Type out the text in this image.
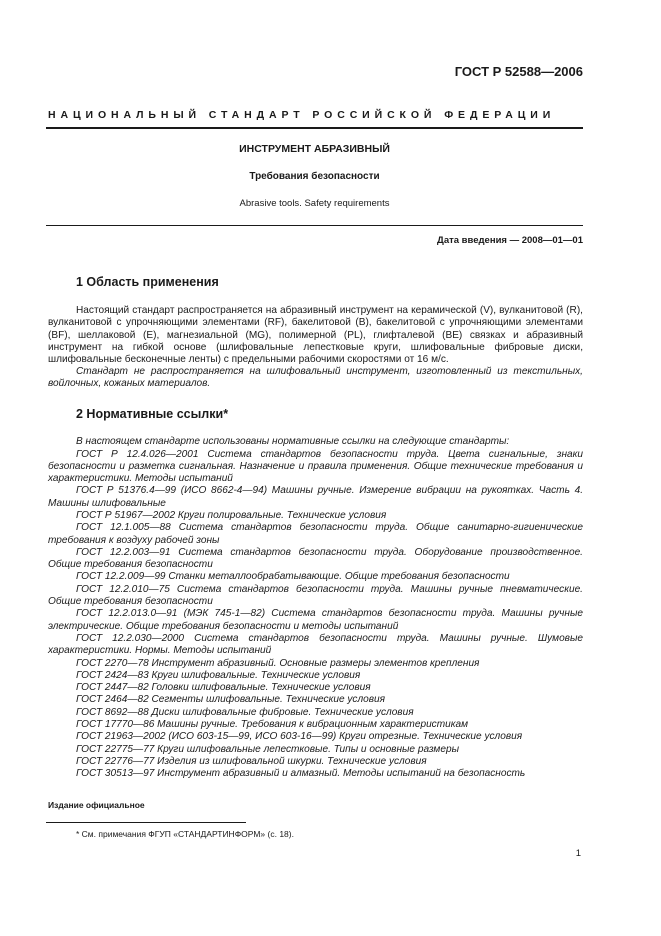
ГОСТ Р 52588—2006
НАЦИОНАЛЬНЫЙ СТАНДАРТ РОССИЙСКОЙ ФЕДЕРАЦИИ
ИНСТРУМЕНТ АБРАЗИВНЫЙ
Требования безопасности
Abrasive tools. Safety requirements
Дата введения — 2008—01—01
1 Область применения

Настоящий стандарт распространяется на абразивный инструмент на керамической (V), вулканитовой (R), вулканитовой с упрочняющими элементами (RF), бакелитовой (B), бакелитовой с упрочняющими элементами (BF), шеллаковой (E), магнезиальной (MG), полимерной (PL), глифталевой (BE) связках и абразивный инструмент на гибкой основе (шлифовальные лепестковые круги, шлифовальные фибровые диски, шлифовальные бесконечные ленты) с предельными рабочими скоростями от 16 м/с.

Стандарт не распространяется на шлифовальный инструмент, изготовленный из текстильных, войлочных, кожаных материалов.

2 Нормативные ссылки*

В настоящем стандарте использованы нормативные ссылки на следующие стандарты:

ГОСТ Р 12.4.026—2001 Система стандартов безопасности труда. Цвета сигнальные, знаки безопасности и разметка сигнальная. Назначение и правила применения. Общие технические требования и характеристики. Методы испытаний

ГОСТ Р 51376.4—99 (ИСО 8662-4—94) Машины ручные. Измерение вибрации на рукоятках. Часть 4. Машины шлифовальные

ГОСТ Р 51967—2002 Круги полировальные. Технические условия

ГОСТ 12.1.005—88 Система стандартов безопасности труда. Общие санитарно-гигиенические требования к воздуху рабочей зоны

ГОСТ 12.2.003—91 Система стандартов безопасности труда. Оборудование производственное. Общие требования безопасности

ГОСТ 12.2.009—99 Станки металлообрабатывающие. Общие требования безопасности

ГОСТ 12.2.010—75 Система стандартов безопасности труда. Машины ручные пневматические. Общие требования безопасности

ГОСТ 12.2.013.0—91 (МЭК 745-1—82) Система стандартов безопасности труда. Машины ручные электрические. Общие требования безопасности и методы испытаний

ГОСТ 12.2.030—2000 Система стандартов безопасности труда. Машины ручные. Шумовые характеристики. Нормы. Методы испытаний

ГОСТ 2270—78 Инструмент абразивный. Основные размеры элементов крепления

ГОСТ 2424—83 Круги шлифовальные. Технические условия

ГОСТ 2447—82 Головки шлифовальные. Технические условия

ГОСТ 2464—82 Сегменты шлифовальные. Технические условия

ГОСТ 8692—88 Диски шлифовальные фибровые. Технические условия

ГОСТ 17770—86 Машины ручные. Требования к вибрационным характеристикам

ГОСТ 21963—2002 (ИСО 603-15—99, ИСО 603-16—99) Круги отрезные. Технические условия

ГОСТ 22775—77 Круги шлифовальные лепестковые. Типы и основные размеры

ГОСТ 22776—77 Изделия из шлифовальной шкурки. Технические условия

ГОСТ 30513—97 Инструмент абразивный и алмазный. Методы испытаний на безопасность

Издание официальное
* См. примечания ФГУП «СТАНДАРТИНФОРМ» (с. 18).
1
